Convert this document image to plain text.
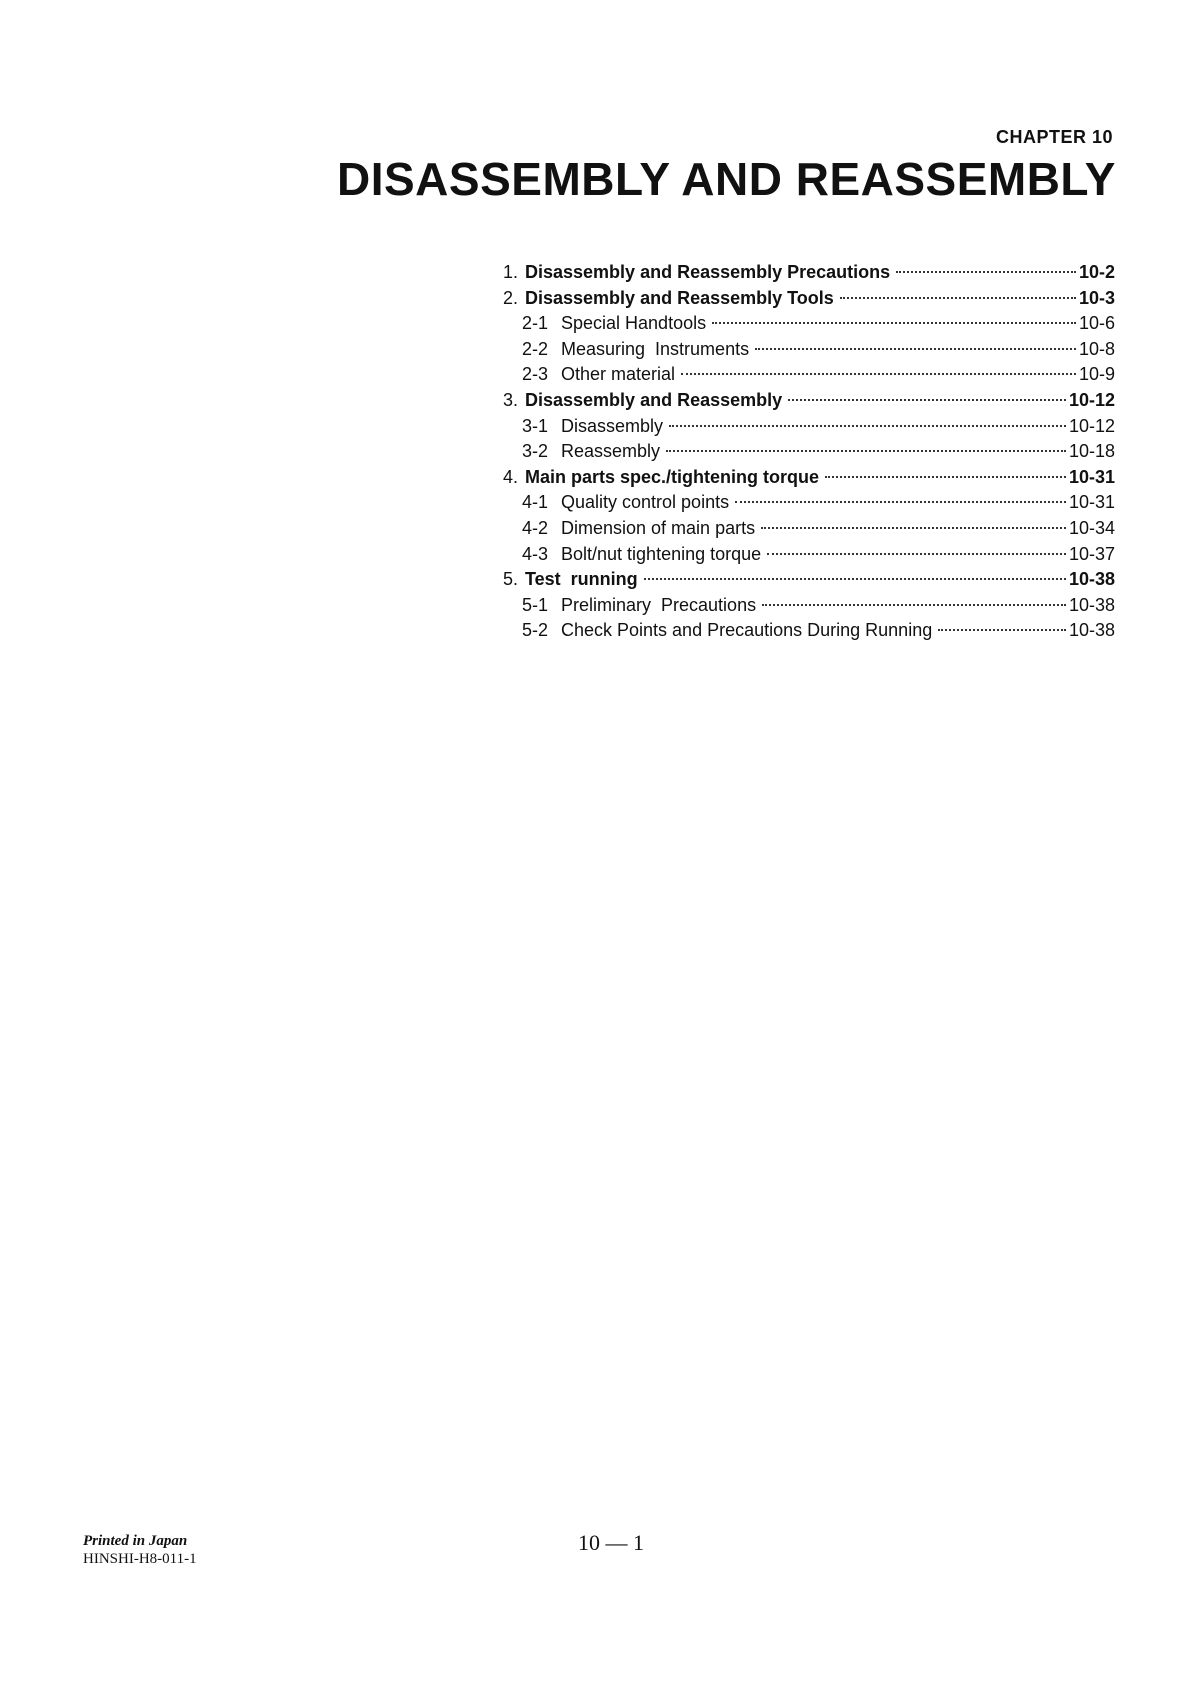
CHAPTER 10
DISASSEMBLY AND REASSEMBLY
1. Disassembly and Reassembly Precautions	10-2
2. Disassembly and Reassembly Tools	10-3
2-1 Special Handtools	10-6
2-2 Measuring  Instruments	10-8
2-3 Other material	10-9
3. Disassembly and Reassembly	10-12
3-1 Disassembly	10-12
3-2 Reassembly	10-18
4. Main parts spec./tightening torque	10-31
4-1 Quality control points	10-31
4-2 Dimension of main parts	10-34
4-3 Bolt/nut tightening torque	10-37
5. Test  running	10-38
5-1 Preliminary  Precautions	10-38
5-2 Check Points and Precautions During Running	10-38
Printed in Japan
HINSHI-H8-011-1
10 — 1
